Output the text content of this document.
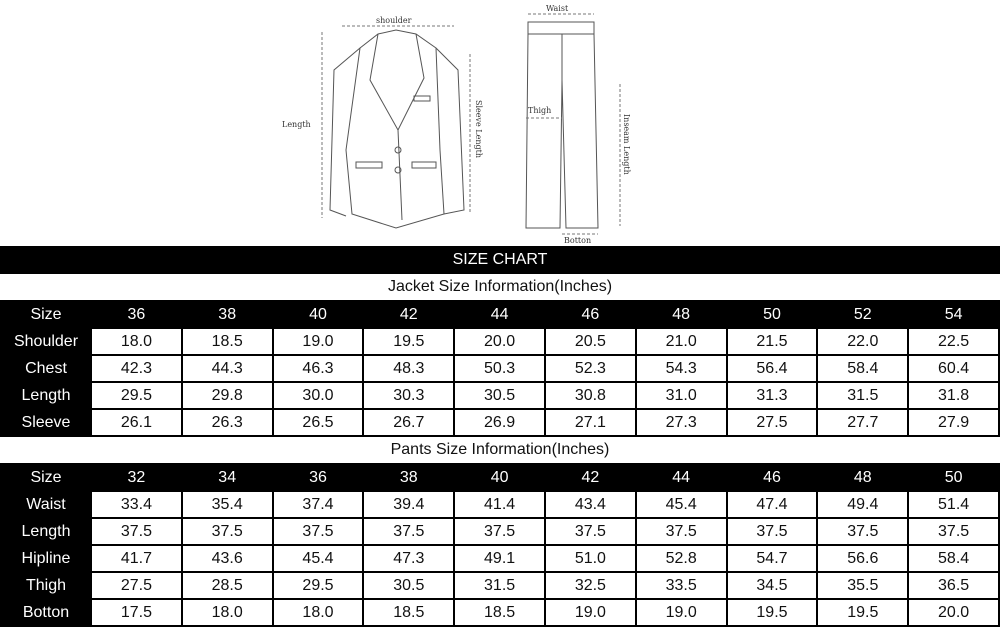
shoulder
Length	Sleeve Length
Waist
Thigh
Inseam Length
Botton
SIZE CHART
Jacket Size Information(Inches)
Size	36	38	40	42	44	46	48	50	52	54
Shoulder	18.0	18.5	19.0	19.5	20.0	20.5	21.0	21.5	22.0	22.5
Chest	42.3	44.3	46.3	48.3	50.3	52.3	54.3	56.4	58.4	60.4
Length	29.5	29.8	30.0	30.3	30.5	30.8	31.0	31.3	31.5	31.8
Sleeve	26.1	26.3	26.5	26.7	26.9	27.1	27.3	27.5	27.7	27.9
Pants Size Information(Inches)
Size	32	34	36	38	40	42	44	46	48	50
Waist	33.4	35.4	37.4	39.4	41.4	43.4	45.4	47.4	49.4	51.4
Length	37.5	37.5	37.5	37.5	37.5	37.5	37.5	37.5	37.5	37.5
Hipline	41.7	43.6	45.4	47.3	49.1	51.0	52.8	54.7	56.6	58.4
Thigh	27.5	28.5	29.5	30.5	31.5	32.5	33.5	34.5	35.5	36.5
Botton	17.5	18.0	18.0	18.5	18.5	19.0	19.0	19.5	19.5	20.0
